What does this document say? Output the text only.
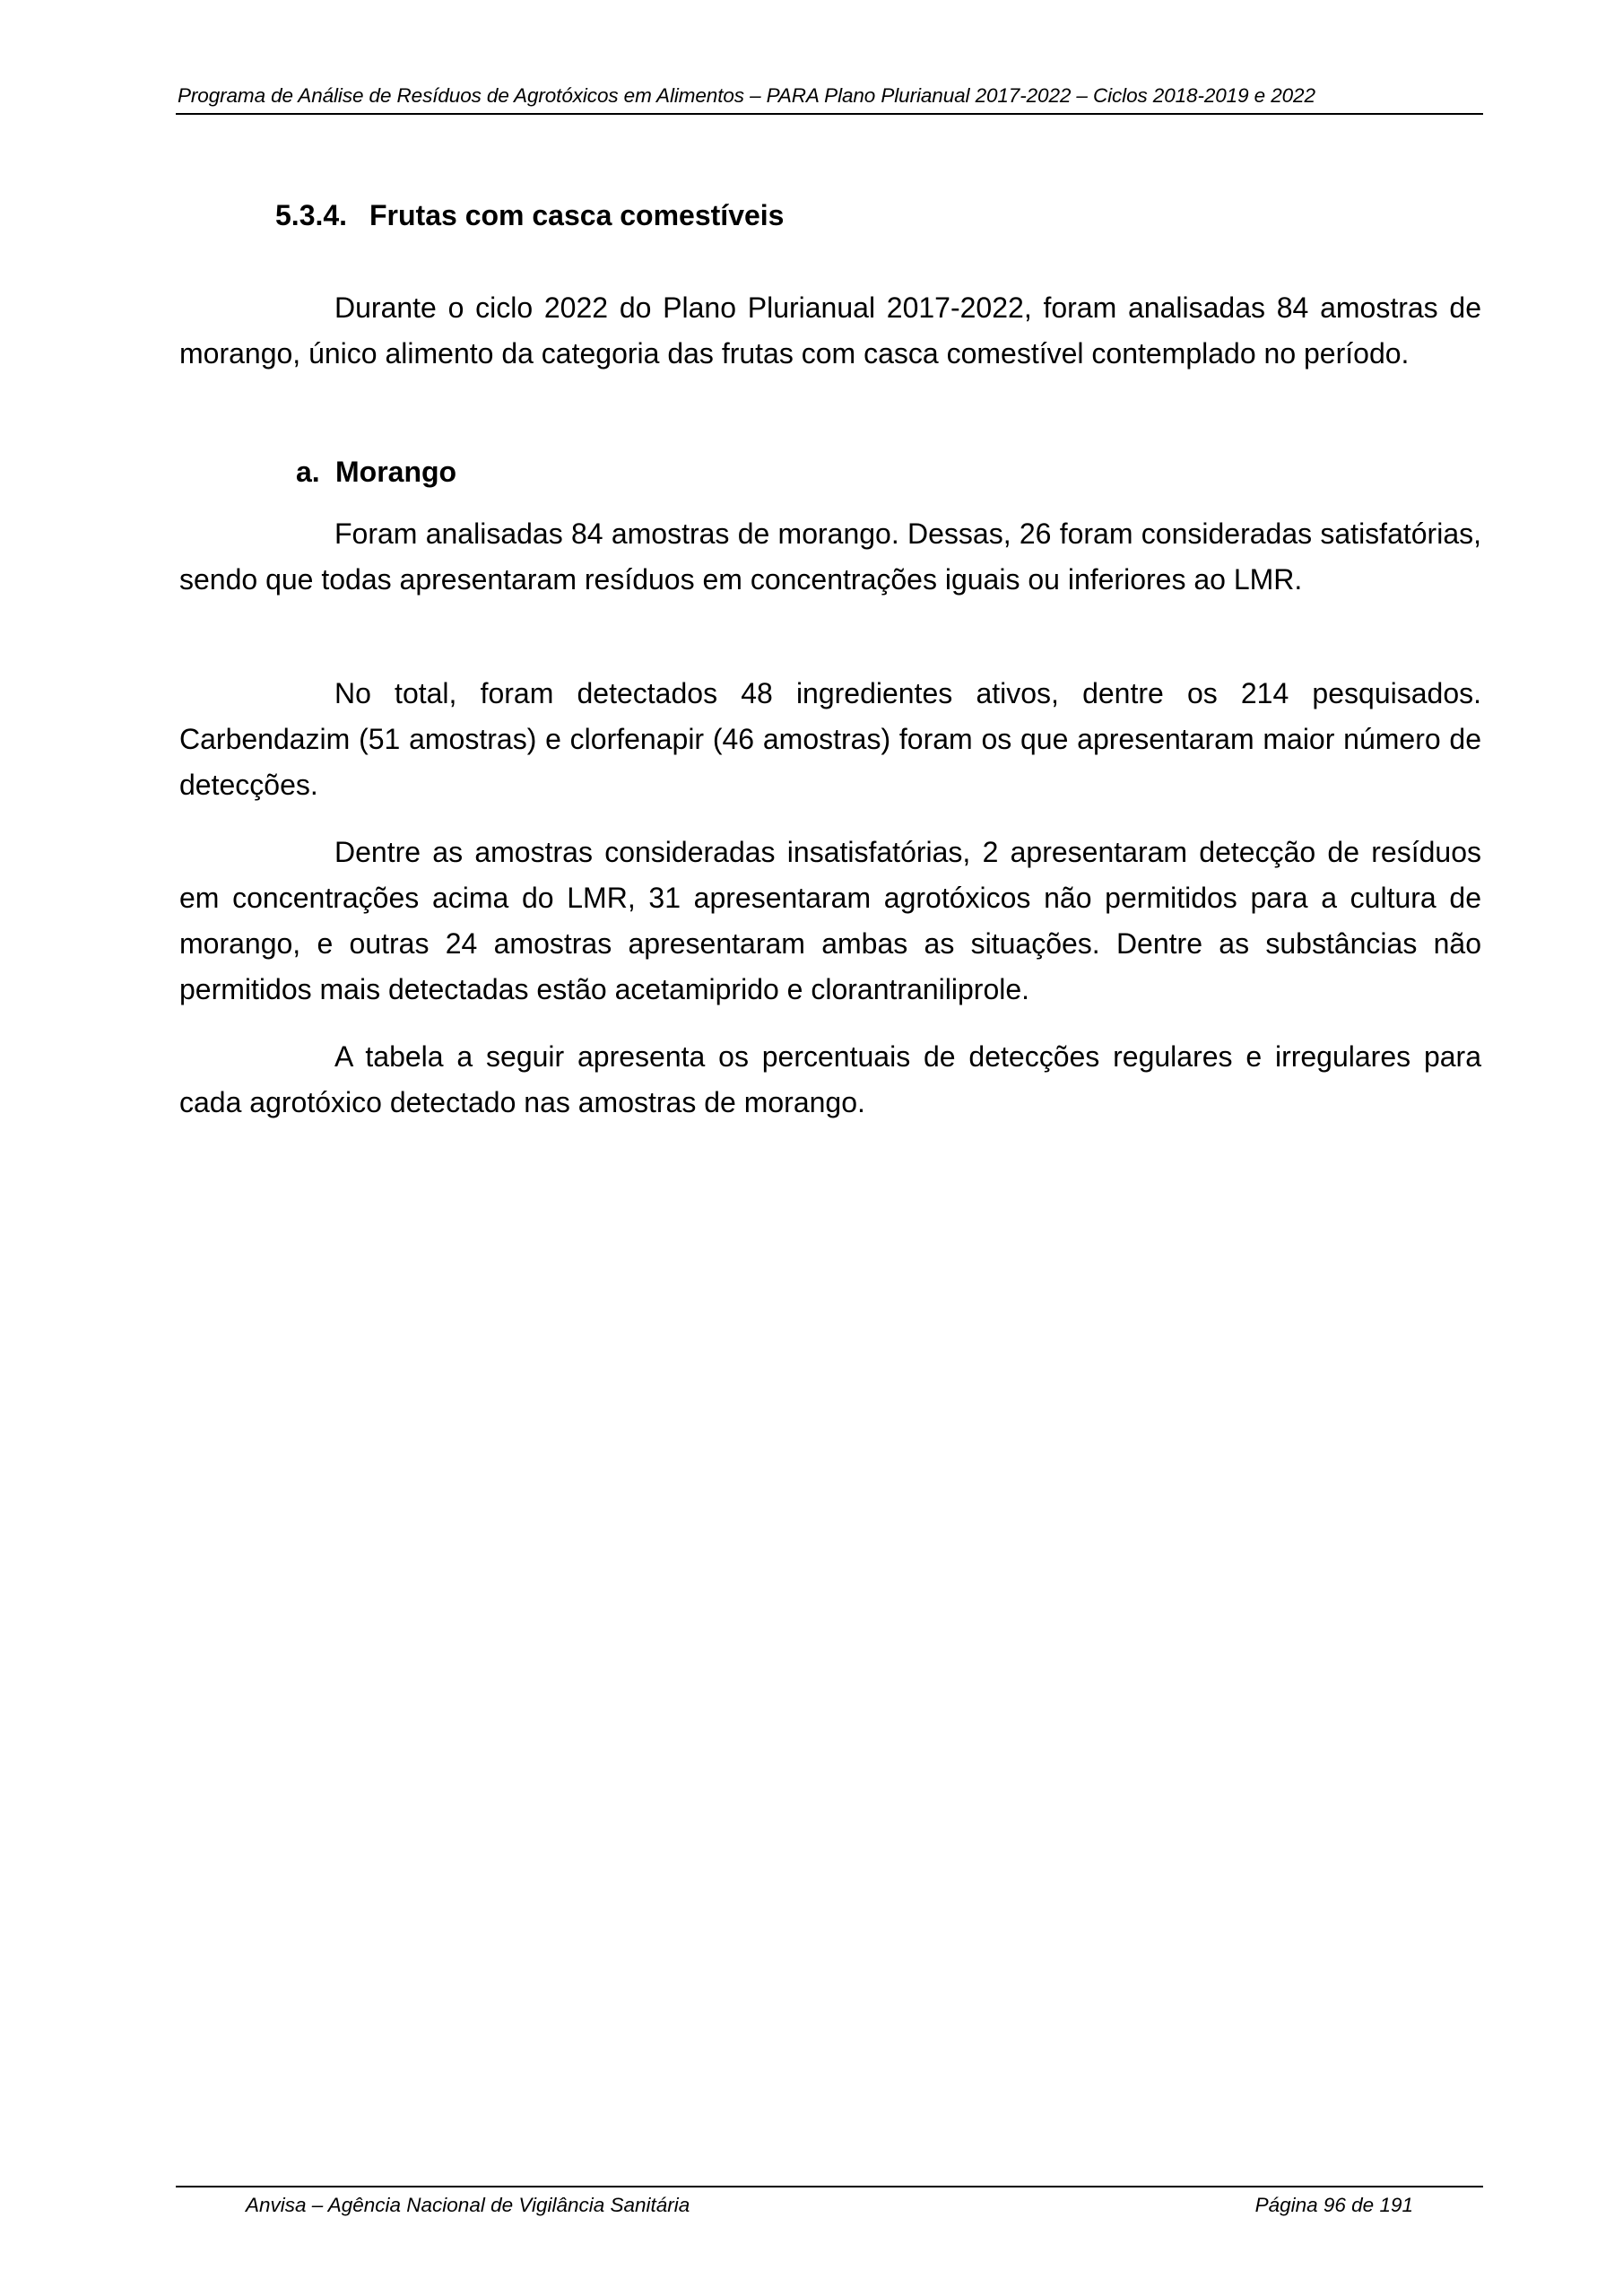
Programa de Análise de Resíduos de Agrotóxicos em Alimentos – PARA Plano Plurianual 2017-2022 – Ciclos 2018-2019 e 2022
5.3.4. Frutas com casca comestíveis

Durante o ciclo 2022 do Plano Plurianual 2017-2022, foram analisadas 84 amostras de morango, único alimento da categoria das frutas com casca comestível contemplado no período.

a. Morango

Foram analisadas 84 amostras de morango. Dessas, 26 foram consideradas satisfatórias, sendo que todas apresentaram resíduos em concentrações iguais ou inferiores ao LMR.

No total, foram detectados 48 ingredientes ativos, dentre os 214 pesquisados. Carbendazim (51 amostras) e clorfenapir (46 amostras) foram os que apresentaram maior número de detecções.

Dentre as amostras consideradas insatisfatórias, 2 apresentaram detecção de resíduos em concentrações acima do LMR, 31 apresentaram agrotóxicos não permitidos para a cultura de morango, e outras 24 amostras apresentaram ambas as situações. Dentre as substâncias não permitidos mais detectadas estão acetamiprido e clorantraniliprole.

A tabela a seguir apresenta os percentuais de detecções regulares e irregulares para cada agrotóxico detectado nas amostras de morango.

Anvisa – Agência Nacional de Vigilância Sanitária	Página 96 de 191
